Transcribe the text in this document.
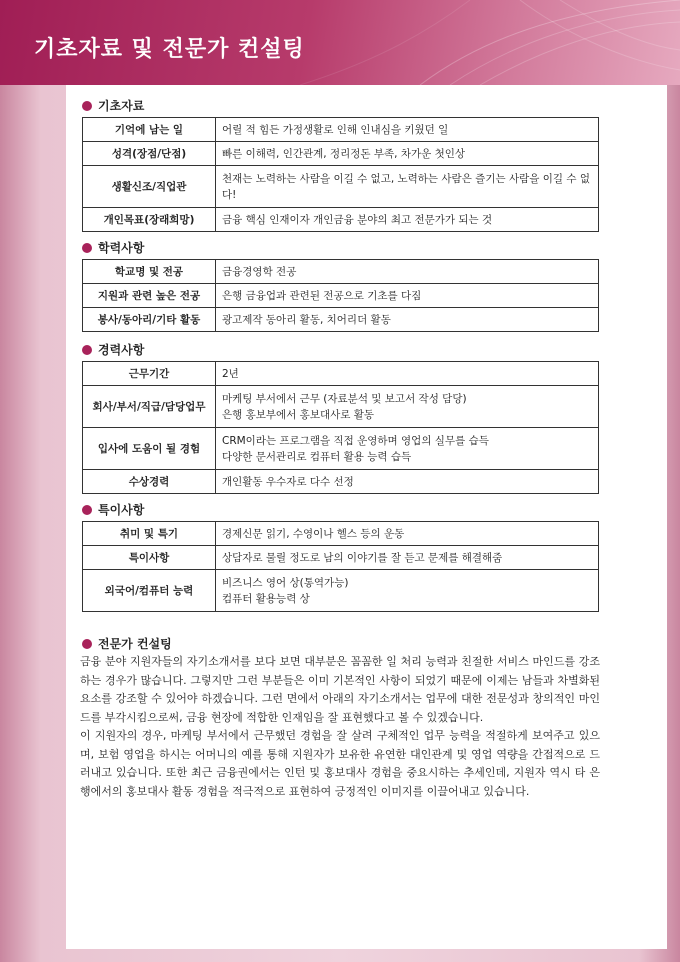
기초자료 및 전문가 컨설팅
기초자료
기억에 남는 일	어릴 적 힘든 가정생활로 인해 인내심을 키웠던 일
성격(장점/단점)	빠른 이해력, 인간관계, 정리정돈 부족, 차가운 첫인상
생활신조/직업관	천재는 노력하는 사람을 이길 수 없고, 노력하는 사람은 즐기는 사람을 이길 수 없다!
개인목표(장래희망)	금융 핵심 인재이자 개인금융 분야의 최고 전문가가 되는 것
학력사항
학교명 및 전공	금융경영학 전공
지원과 관련 높은 전공	은행 금융업과 관련된 전공으로 기초를 다짐
봉사/동아리/기타 활동	광고제작 동아리 활동, 치어리더 활동
경력사항
근무기간	2년
회사/부서/직급/담당업무	마케팅 부서에서 근무 (자료분석 및 보고서 작성 담당)
은행 홍보부에서 홍보대사로 활동
입사에 도움이 될 경험	CRM이라는 프로그램을 직접 운영하며 영업의 실무를 습득
다양한 문서관리로 컴퓨터 활용 능력 습득
수상경력	개인활동 우수자로 다수 선정
특이사항
취미 및 특기	경제신문 읽기, 수영이나 헬스 등의 운동
특이사항	상담자로 물릴 정도로 남의 이야기를 잘 듣고 문제를 해결해줌
외국어/컴퓨터 능력	비즈니스 영어 상(통역가능)
컴퓨터 활용능력 상
전문가 컨설팅

금융 분야 지원자들의 자기소개서를 보다 보면 대부분은 꼼꼼한 일 처리 능력과 친절한 서비스 마인드를 강조하는 경우가 많습니다. 그렇지만 그런 부분들은 이미 기본적인 사항이 되었기 때문에 이제는 남들과 차별화된 요소를 강조할 수 있어야 하겠습니다. 그런 면에서 아래의 자기소개서는 업무에 대한 전문성과 창의적인 마인드를 부각시킴으로써, 금융 현장에 적합한 인재임을 잘 표현했다고 볼 수 있겠습니다.

이 지원자의 경우, 마케팅 부서에서 근무했던 경험을 잘 살려 구체적인 업무 능력을 적절하게 보여주고 있으며, 보험 영업을 하시는 어머니의 예를 통해 지원자가 보유한 유연한 대인관계 및 영업 역량을 간접적으로 드러내고 있습니다. 또한 최근 금융권에서는 인턴 및 홍보대사 경험을 중요시하는 추세인데, 지원자 역시 타 은행에서의 홍보대사 활동 경험을 적극적으로 표현하여 긍정적인 이미지를 이끌어내고 있습니다.
